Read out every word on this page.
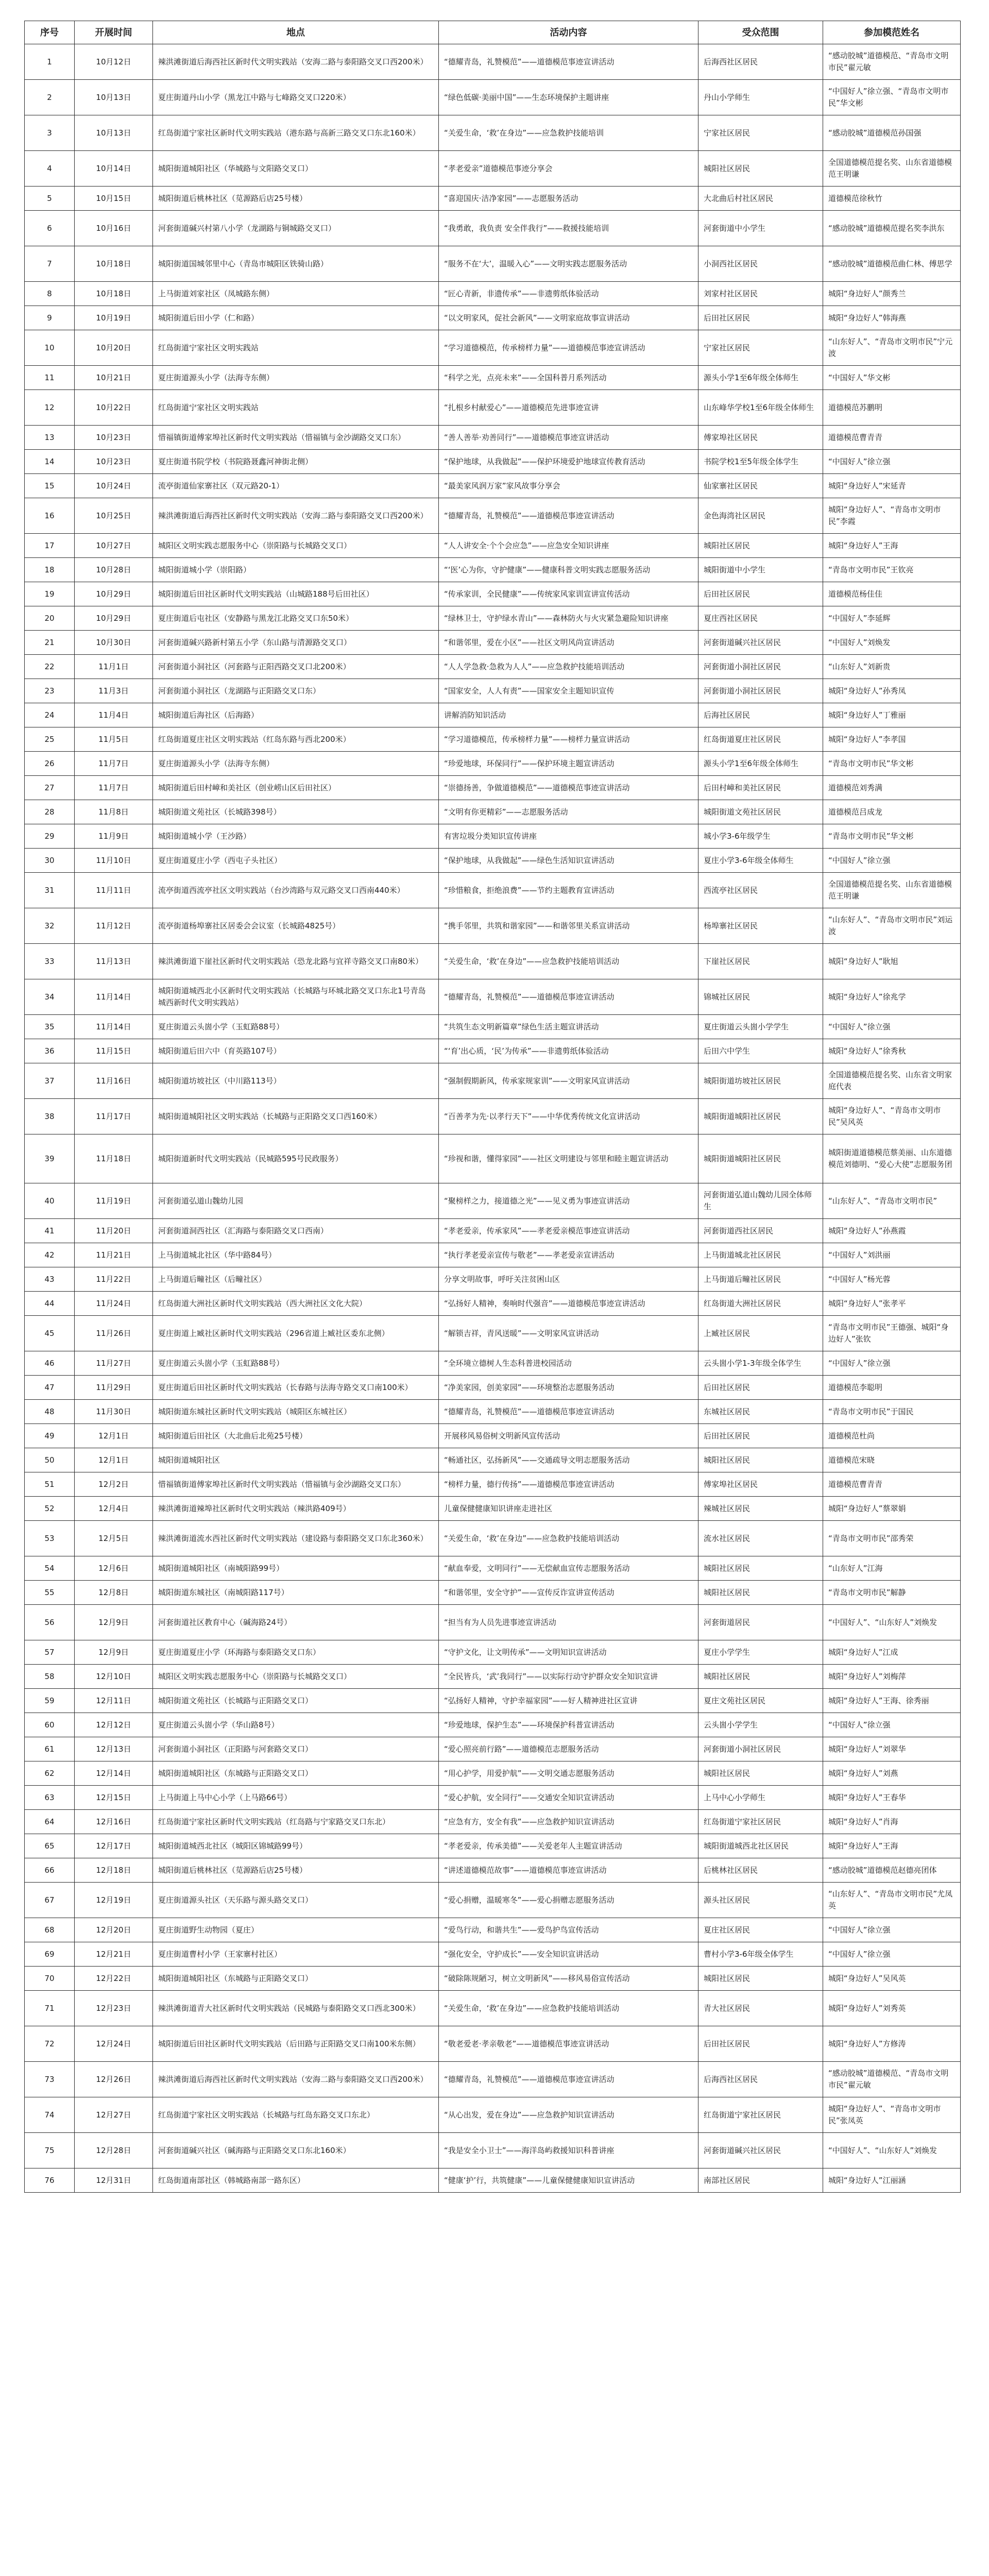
序号	开展时间	地点	活动内容	受众范围	参加模范姓名
1	10月12日	辣洪滩街道后海西社区新时代文明实践站（安海二路与泰阳路交叉口西200米）	“德耀青岛，礼赞模范”——道德模范事迹宣讲活动	后海西社区居民	“感动胶城”道德模范、“青岛市文明市民”翟元敏
2	10月13日	夏庄街道丹山小学（黑龙江中路与七峰路交叉口220米）	“绿色低碳·美丽中国”——生态环境保护主题讲座	丹山小学师生	“中国好人”徐立强、“青岛市文明市民”华文彬
3	10月13日	红岛街道宁家社区新时代文明实践站（港东路与高新三路交叉口东北160米）	“关爱生命，‘救’在身边”——应急救护技能培训	宁家社区居民	“感动胶城”道德模范孙国强
4	10月14日	城阳街道城阳社区（华城路与文阳路交叉口）	“孝老爱亲”道德模范事迹分享会	城阳社区居民	全国道德模范提名奖、山东省道德模范王明谦
5	10月15日	城阳街道后桃林社区（苋源路后店25号楼）	“喜迎国庆·洁净家园”——志愿服务活动	大北曲后村社区居民	道德模范徐秋竹
6	10月16日	河套街道碱兴村第八小学（龙湖路与铜城路交叉口）	“我勇敢，我负责 安全伴我行”——救援技能培训	河套街道中小学生	“感动胶城”道德模范提名奖李洪东
7	10月18日	城阳街道国城邻里中心（青岛市城阳区铁骑山路）	“服务不在‘大’，温暖入心”——文明实践志愿服务活动	小洞西社区居民	“感动胶城”道德模范曲仁林、傅思学
8	10月18日	上马街道刘家社区（凤城路东侧）	“匠心青新，非遗传承”——非遗剪纸体验活动	刘家村社区居民	城阳“身边好人”颜秀兰
9	10月19日	城阳街道后田小学（仁和路）	“以文明家风，促社会新风”——文明家庭故事宣讲活动	后田社区居民	城阳“身边好人”韩海燕
10	10月20日	红岛街道宁家社区文明实践站	“学习道德模范，传承榜样力量”——道德模范事迹宣讲活动	宁家社区居民	“山东好人”、“青岛市文明市民”宁元波
11	10月21日	夏庄街道源头小学（法海寺东侧）	“科学之光，点亮未来”——全国科普月系列活动	源头小学1至6年级全体师生	“中国好人”华文彬
12	10月22日	红岛街道宁家社区文明实践站	“扎根乡村献爱心”——道德模范先进事迹宣讲	山东峰华学校1至6年级全体师生	道德模范苏鹏明
13	10月23日	惜福镇街道傅家埠社区新时代文明实践站（惜福镇与金沙湖路交叉口东）	“善人善举·劝善同行”——道德模范事迹宣讲活动	傅家埠社区居民	道德模范曹青青
14	10月23日	夏庄街道书院学校（书院路聂鑫河神街北侧）	“保护地球，从我做起”——保护环境爱护地球宣传教育活动	书院学校1至5年级全体学生	“中国好人”徐立强
15	10月24日	流亭街道仙家寨社区（双元路20-1）	“最美家风润万家”家风故事分享会	仙家寨社区居民	城阳“身边好人”宋延青
16	10月25日	辣洪滩街道后海西社区新时代文明实践站（安海二路与泰阳路交叉口西200米）	“德耀青岛，礼赞模范”——道德模范事迹宣讲活动	金色海湾社区居民	城阳“身边好人”、“青岛市文明市民”李霞
17	10月27日	城阳区文明实践志愿服务中心（崇阳路与长城路交叉口）	“人人讲安全·个个会应急”——应急安全知识讲座	城阳社区居民	城阳“身边好人”王海
18	10月28日	城阳街道城小学（崇阳路）	“‘医’心为你，守护健康”——健康科普文明实践志愿服务活动	城阳街道中小学生	“青岛市文明市民”王钦亮
19	10月29日	城阳街道后田社区新时代文明实践站（山城路188号后田社区）	“传承家训，全民健康”——传统家风家训宣讲宣传活动	后田社区居民	道德模范杨佳佳
20	10月29日	夏庄街道后屯社区（安静路与黑龙江北路交叉口东50米）	“绿林卫士，守护绿水青山”——森林防火与火灾紧急避险知识讲座	夏庄西社区居民	“中国好人”李延辉
21	10月30日	河套街道碱兴路新村第五小学（东山路与清源路交叉口）	“和谐邻里，爱在小区”——社区文明风尚宣讲活动	河套街道碱兴社区居民	“中国好人”刘焕发
22	11月1日	河套街道小洞社区（河套路与正阳西路交叉口北200米）	“人人学急救·急救为人人”——应急救护技能培训活动	河套街道小洞社区居民	“山东好人”刘新贵
23	11月3日	河套街道小洞社区（龙湖路与正阳路交叉口东）	“国家安全，人人有责”——国家安全主题知识宣传	河套街道小洞社区居民	城阳“身边好人”孙秀凤
24	11月4日	城阳街道后海社区（后海路）	讲解消防知识活动	后海社区居民	城阳“身边好人”丁雅丽
25	11月5日	红岛街道夏庄社区文明实践站（红岛东路与西北200米）	“学习道德模范，传承榜样力量”——榜样力量宣讲活动	红岛街道夏庄社区居民	城阳“身边好人”李孝国
26	11月7日	夏庄街道源头小学（法海寺东侧）	“珍爱地球，环保同行”——保护环境主题宣讲活动	源头小学1至6年级全体师生	“青岛市文明市民”华文彬
27	11月7日	城阳街道后田村嶂和美社区（创业崂山区后田社区）	“崇德扬善，争做道德模范”——道德模范事迹宣讲活动	后田村嶂和美社区居民	道德模范刘秀满
28	11月8日	城阳街道文苑社区（长城路398号）	“文明有你更精彩”——志愿服务活动	城阳街道文苑社区居民	道德模范吕成龙
29	11月9日	城阳街道城小学（王沙路）	有害垃圾分类知识宣传讲座	城小学3-6年级学生	“青岛市文明市民”华文彬
30	11月10日	夏庄街道夏庄小学（西屯子头社区）	“保护地球，从我做起”——绿色生活知识宣讲活动	夏庄小学3-6年级全体师生	“中国好人”徐立强
31	11月11日	流亭街道西流亭社区文明实践站（台沙湾路与双元路交叉口西南440米）	“珍惜粮食，拒绝浪费”——节约主题教育宣讲活动	西流亭社区居民	全国道德模范提名奖、山东省道德模范王明谦
32	11月12日	流亭街道杨埠寨社区居委会会议室（长城路4825号）	“携手邻里，共筑和谐家园”——和谐邻里关系宣讲活动	杨埠寨社区居民	“山东好人”、“青岛市文明市民”刘运波
33	11月13日	辣洪滩街道下崖社区新时代文明实践站（恐龙北路与宜祥寺路交叉口南80米）	“关爱生命，‘救’在身边”——应急救护技能培训活动	下崖社区居民	城阳“身边好人”耿旭
34	11月14日	城阳街道城西北小区新时代文明实践站（长城路与环城北路交叉口东北1号青岛城西新时代文明实践站）	“德耀青岛，礼赞模范”——道德模范事迹宣讲活动	锦城社区居民	城阳“身边好人”徐兆学
35	11月14日	夏庄街道云头崮小学（玉虹路88号）	“共筑生态文明新篇章”绿色生活主题宣讲活动	夏庄街道云头崮小学学生	“中国好人”徐立强
36	11月15日	城阳街道后田六中（育英路107号）	“‘育’出心质，‘民’为传承”——非遗剪纸体验活动	后田六中学生	城阳“身边好人”徐秀秋
37	11月16日	城阳街道坊坡社区（中川路113号）	“强制假期新风，传承家规家训”——文明家风宣讲活动	城阳街道坊坡社区居民	全国道德模范提名奖、山东省文明家庭代表
38	11月17日	城阳街道城阳社区文明实践站（长城路与正阳路交叉口西160米）	“百善孝为先·以孝行天下”——中华优秀传统文化宣讲活动	城阳街道城阳社区居民	城阳“身边好人”、“青岛市文明市民”吴风英
39	11月18日	城阳街道新时代文明实践站（民城路595号民政服务）	“珍视和谐，懂得家园”——社区文明建设与邻里和睦主题宣讲活动	城阳街道城阳社区居民	城阳街道道德模范蔡美丽、山东道德模范刘德明、“爱心大使”志愿服务团
40	11月19日	河套街道弘道山魏幼儿园	“聚榜样之力，接道德之光”——见义勇为事迹宣讲活动	河套街道弘道山魏幼儿园全体师生	“山东好人”、“青岛市文明市民”
41	11月20日	河套街道洞西社区（汇海路与泰阳路交叉口西南）	“孝老爱亲，传承家风”——孝老爱亲模范事迹宣讲活动	河套街道西社区居民	城阳“身边好人”孙燕霞
42	11月21日	上马街道城北社区（华中路84号）	“执行孝老爱亲宣传与敬老”——孝老爱亲宣讲活动	上马街道城北社区居民	“中国好人”刘洪丽
43	11月22日	上马街道后疃社区（后疃社区）	分享文明故事，呼吁关注贫困山区	上马街道后疃社区居民	“中国好人”杨光蓉
44	11月24日	红岛街道大洲社区新时代文明实践站（西大洲社区文化大院）	“弘扬好人精神，奏响时代强音”——道德模范事迹宣讲活动	红岛街道大洲社区居民	城阳“身边好人”张孝平
45	11月26日	夏庄街道上臧社区新时代文明实践站（296省道上臧社区委东北侧）	“解锁吉祥，青风送暖”——文明家风宣讲活动	上臧社区居民	“青岛市文明市民”王德强、城阳“身边好人”张钦
46	11月27日	夏庄街道云头崮小学（玉虹路88号）	“全环境立德树人生态科普进校园活动	云头崮小学1-3年级全体学生	“中国好人”徐立强
47	11月29日	夏庄街道后田社区新时代文明实践站（长春路与法海寺路交叉口南100米）	“净美家园，创美家园”——环境整治志愿服务活动	后田社区居民	道德模范李聪明
48	11月30日	城阳街道东城社区新时代文明实践站（城阳区东城社区）	“德耀青岛，礼赞模范”——道德模范事迹宣讲活动	东城社区居民	“青岛市文明市民”于国民
49	12月1日	城阳街道后田社区（大北曲后北苑25号楼）	开展移风易俗树文明新风宣传活动	后田社区居民	道德模范杜尚
50	12月1日	城阳街道城阳社区	“畅通社区，弘扬新风”——交通疏导文明志愿服务活动	城阳社区居民	道德模范宋晓
51	12月2日	惜福镇街道傅家埠社区新时代文明实践站（惜福镇与金沙湖路交叉口东）	“榜样力量，德行传扬”——道德模范事迹宣讲活动	傅家埠社区居民	道德模范曹青青
52	12月4日	辣洪滩街道辣埠社区新时代文明实践站（辣洪路409号）	儿童保健健康知识讲座走进社区	辣城社区居民	城阳“身边好人”蔡翠娟
53	12月5日	辣洪滩街道流水西社区新时代文明实践站（建设路与泰阳路交叉口东北360米）	“关爱生命，‘救’在身边”——应急救护技能培训活动	流水社区居民	“青岛市文明市民”邵秀荣
54	12月6日	城阳街道城阳社区（南城阳路99号）	“献血奉爱，文明同行”——无偿献血宣传志愿服务活动	城阳社区居民	“山东好人”江海
55	12月8日	城阳街道东城社区（南城阳路117号）	“和谐邻里，安全守护”——宣传反诈宣讲宣传活动	城阳社区居民	“青岛市文明市民”解静
56	12月9日	河套街道社区教育中心（碱海路24号）	“担当有为人员先进事迹宣讲活动	河套街道居民	“中国好人”、“山东好人”刘焕发
57	12月9日	夏庄街道夏庄小学（环海路与泰阳路交叉口东）	“守护文化，让文明传承”——文明知识宣讲活动	夏庄小学学生	城阳“身边好人”江成
58	12月10日	城阳区文明实践志愿服务中心（崇阳路与长城路交叉口）	“全民皆兵，‘武’我同行”——以实际行动守护群众安全知识宣讲	城阳社区居民	城阳“身边好人”刘梅萍
59	12月11日	城阳街道文苑社区（长城路与正阳路交叉口）	“弘扬好人精神，守护幸福家园”——好人精神进社区宣讲	夏庄文苑社区居民	城阳“身边好人”王海、徐秀丽
60	12月12日	夏庄街道云头崮小学（华山路8号）	“珍爱地球，保护生态”——环境保护科普宣讲活动	云头崮小学学生	“中国好人”徐立强
61	12月13日	河套街道小洞社区（正阳路与河套路交叉口）	“爱心照亮前行路”——道德模范志愿服务活动	河套街道小洞社区居民	城阳“身边好人”刘翠华
62	12月14日	城阳街道城阳社区（东城路与正阳路交叉口）	“用心护学，用爱护航”——文明交通志愿服务活动	城阳社区居民	城阳“身边好人”刘燕
63	12月15日	上马街道上马中心小学（上马路66号）	“爱心护航，安全同行”——交通安全知识宣讲活动	上马中心小学师生	城阳“身边好人”王春华
64	12月16日	红岛街道宁家社区新时代文明实践站（红岛路与宁家路交叉口东北）	“应急有方，安全有我”——应急救护知识宣讲活动	红岛街道宁家社区居民	城阳“身边好人”肖海
65	12月17日	城阳街道城西北社区（城阳区锦城路99号）	“孝老爱亲，传承美德”——关爱老年人主题宣讲活动	城阳街道城西北社区居民	城阳“身边好人”王海
66	12月18日	城阳街道后桃林社区（苋源路后店25号楼）	“讲述道德模范故事”——道德模范事迹宣讲活动	后桃林社区居民	“感动胶城”道德模范赵德亮团体
67	12月19日	夏庄街道源头社区（天乐路与源头路交叉口）	“爱心捐赠，温暖寒冬”——爱心捐赠志愿服务活动	源头社区居民	“山东好人”、“青岛市文明市民”尤凤英
68	12月20日	夏庄街道野生动物园（夏庄）	“爱鸟行动，和谐共生”——爱鸟护鸟宣传活动	夏庄社区居民	“中国好人”徐立强
69	12月21日	夏庄街道曹村小学（王家寨村社区）	“强化安全，守护成长”——安全知识宣讲活动	曹村小学3-6年级全体学生	“中国好人”徐立强
70	12月22日	城阳街道城阳社区（东城路与正阳路交叉口）	“破除陈规陋习，树立文明新风”——移风易俗宣传活动	城阳社区居民	城阳“身边好人”吴风英
71	12月23日	辣洪滩街道青大社区新时代文明实践站（民城路与泰阳路交叉口西北300米）	“关爱生命，‘救’在身边”——应急救护技能培训活动	青大社区居民	城阳“身边好人”刘秀英
72	12月24日	城阳街道后田社区新时代文明实践站（后田路与正阳路交叉口南100米东侧）	“敬老爱老·孝亲敬老”——道德模范事迹宣讲活动	后田社区居民	城阳“身边好人”方修涛
73	12月26日	辣洪滩街道后海西社区新时代文明实践站（安海二路与泰阳路交叉口西200米）	“德耀青岛，礼赞模范”——道德模范事迹宣讲活动	后海西社区居民	“感动胶城”道德模范、“青岛市文明市民”翟元敏
74	12月27日	红岛街道宁家社区文明实践站（长城路与红岛东路交叉口东北）	“从心出发，爱在身边”——应急救护知识宣讲活动	红岛街道宁家社区居民	城阳“身边好人”、“青岛市文明市民”张凤英
75	12月28日	河套街道碱兴社区（碱海路与正阳路交叉口东北160米）	“我是安全小卫士”——海洋岛屿救援知识科普讲座	河套街道碱兴社区居民	“中国好人”、“山东好人”刘焕发
76	12月31日	红岛街道南部社区（韩城路南部一路东区）	“健康‘护’行，共筑健康”——儿童保健健康知识宣讲活动	南部社区居民	城阳“身边好人”江丽涵
